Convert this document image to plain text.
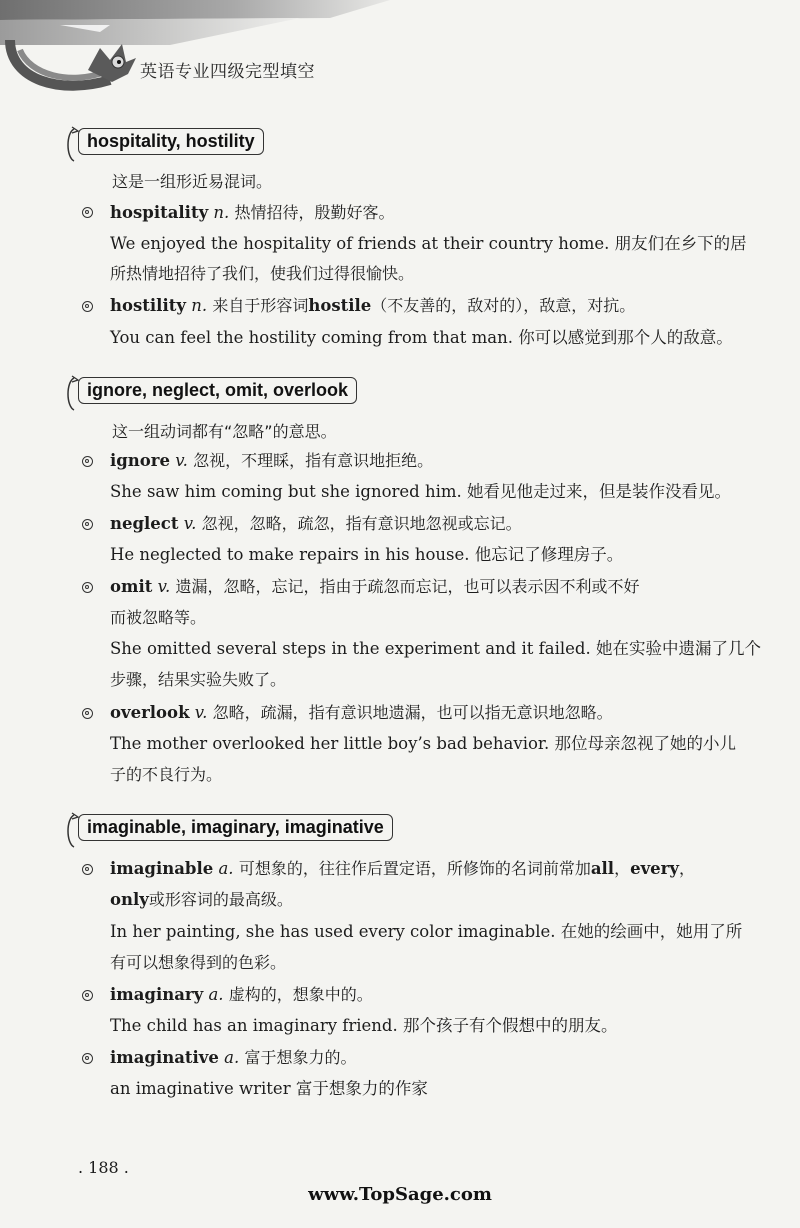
英语专业四级完型填空
hospitality, hostility
这是一组形近易混词。
hospitality n. 热情招待，殷勤好客。
We enjoyed the hospitality of friends at their country home. 朋友们在乡下的居
所热情地招待了我们，使我们过得很愉快。
hostility n. 来自于形容词hostile（不友善的，敌对的），敌意，对抗。
You can feel the hostility coming from that man. 你可以感觉到那个人的敌意。
ignore, neglect, omit, overlook
这一组动词都有“忽略”的意思。
ignore v. 忽视，不理睬，指有意识地拒绝。
She saw him coming but she ignored him. 她看见他走过来，但是装作没看见。
neglect v. 忽视，忽略，疏忽，指有意识地忽视或忘记。
He neglected to make repairs in his house. 他忘记了修理房子。
omit v. 遗漏，忽略，忘记，指由于疏忽而忘记，也可以表示因不利或不好
而被忽略等。
She omitted several steps in the experiment and it failed. 她在实验中遗漏了几个
步骤，结果实验失败了。
overlook v. 忽略，疏漏，指有意识地遗漏，也可以指无意识地忽略。
The mother overlooked her little boy’s bad behavior. 那位母亲忽视了她的小儿
子的不良行为。
imaginable, imaginary, imaginative
imaginable a. 可想象的，往往作后置定语，所修饰的名词前常加all，every，
only或形容词的最高级。
In her painting, she has used every color imaginable. 在她的绘画中，她用了所
有可以想象得到的色彩。
imaginary a. 虚构的，想象中的。
The child has an imaginary friend. 那个孩子有个假想中的朋友。
imaginative a. 富于想象力的。
an imaginative writer 富于想象力的作家
. 188 .
www.TopSage.com
